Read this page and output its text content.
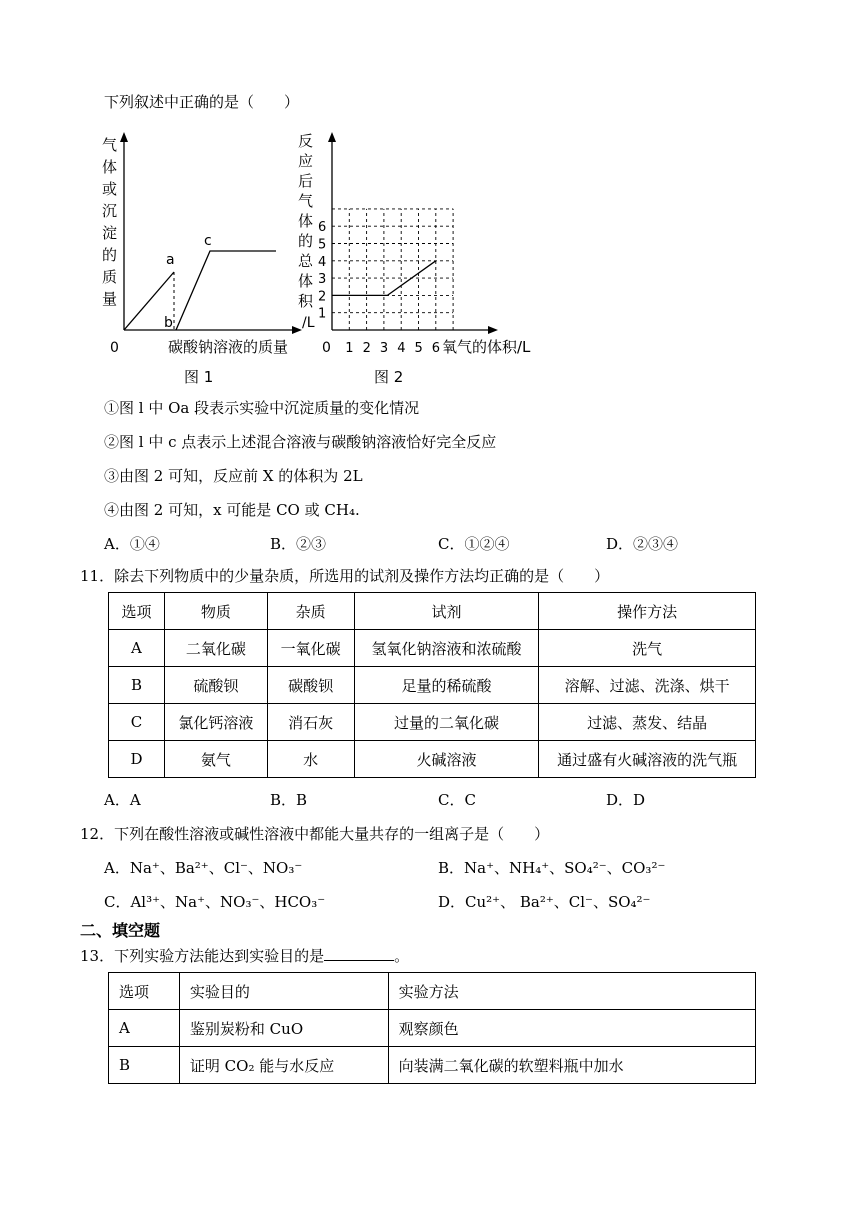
下列叙述中正确的是（　　）
气
体
或
沉
淀
的
质
量
a
b
c
0	碳酸钠溶液的质量
图 1
反
应
后
气
体
的
总
体
积
/L
1 2 3 4 5 6
1
2
3
4
5
6
0	氧气的体积/L
图 2
①图 l 中 Oa 段表示实验中沉淀质量的变化情况
②图 l 中 c 点表示上述混合溶液与碳酸钠溶液恰好完全反应
③由图 2 可知，反应前 X 的体积为 2L
④由图 2 可知，x 可能是 CO 或 CH₄.
A．①④	B．②③	C．①②④	D．②③④
11．除去下列物质中的少量杂质，所选用的试剂及操作方法均正确的是（　　）
选项	物质	杂质	试剂	操作方法
A	二氧化碳	一氧化碳	氢氧化钠溶液和浓硫酸	洗气
B	硫酸钡	碳酸钡	足量的稀硫酸	溶解、过滤、洗涤、烘干
C	氯化钙溶液	消石灰	过量的二氧化碳	过滤、蒸发、结晶
D	氨气	水	火碱溶液	通过盛有火碱溶液的洗气瓶
A．A	B．B	C．C	D．D
12．下列在酸性溶液或碱性溶液中都能大量共存的一组离子是（　　）
A．Na⁺、Ba²⁺、Cl⁻、NO₃⁻	B．Na⁺、NH₄⁺、SO₄²⁻、CO₃²⁻
C．Al³⁺、Na⁺、NO₃⁻、HCO₃⁻	D．Cu²⁺、 Ba²⁺、Cl⁻、SO₄²⁻
二、填空题
13．下列实验方法能达到实验目的是	。
选项	实验目的	实验方法
A	鉴别炭粉和 CuO	观察颜色
B	证明 CO₂ 能与水反应	向装满二氧化碳的软塑料瓶中加水
